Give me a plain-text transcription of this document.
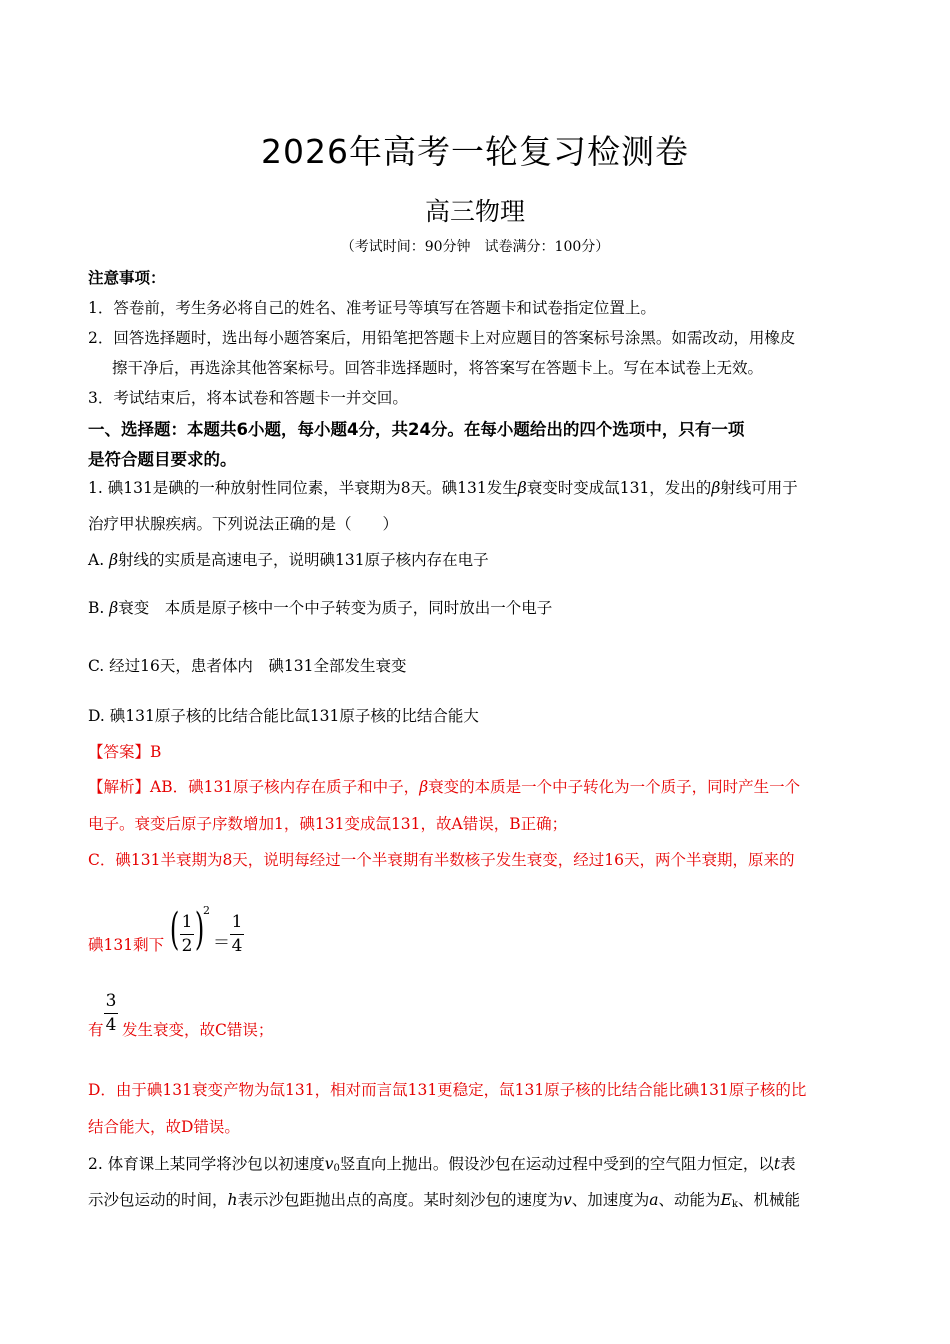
2026年高考一轮复习检测卷
高三物理
（考试时间：90分钟　试卷满分：100分）
注意事项：
1．答卷前，考生务必将自己的姓名、准考证号等填写在答题卡和试卷指定位置上。
2．回答选择题时，选出每小题答案后，用铅笔把答题卡上对应题目的答案标号涂黑。如需改动，用橡皮
擦干净后，再选涂其他答案标号。回答非选择题时，将答案写在答题卡上。写在本试卷上无效。
3．考试结束后，将本试卷和答题卡一并交回。
一、选择题：本题共6小题，每小题4分，共24分。在每小题给出的四个选项中，只有一项
是符合题目要求的。
1. 碘131是碘的一种放射性同位素，半衰期为8天。碘131发生β衰变时变成氙131，发出的β射线可用于
治疗甲状腺疾病。下列说法正确的是（　　）
A. β射线的实质是高速电子，说明碘131原子核内存在电子
B. β衰变　本质是原子核中一个中子转变为质子，同时放出一个电子
C. 经过16天，患者体内　碘131全部发生衰变
D. 碘131原子核的比结合能比氙131原子核的比结合能大
【答案】B
【解析】AB．碘131原子核内存在质子和中子，β衰变的本质是一个中子转化为一个质子，同时产生一个
电子。衰变后原子序数增加1，碘131变成氙131，故A错误，B正确；
C．碘131半衰期为8天，说明每经过一个半衰期有半数核子发生衰变，经过16天，两个半衰期，原来的
碘131剩下 ( 1
2 )
2
＝
1
4
有
3
4 发生衰变，故C错误；
D．由于碘131衰变产物为氙131，相对而言氙131更稳定，氙131原子核的比结合能比碘131原子核的比
结合能大，故D错误。
2. 体育课上某同学将沙包以初速度$v_0$竖直向上抛出。假设沙包在运动过程中受到的空气阻力恒定，以t表
示沙包运动的时间，h表示沙包距抛出点的高度。某时刻沙包的速度为v、加速度为a、动能为$E_k$、机械能
